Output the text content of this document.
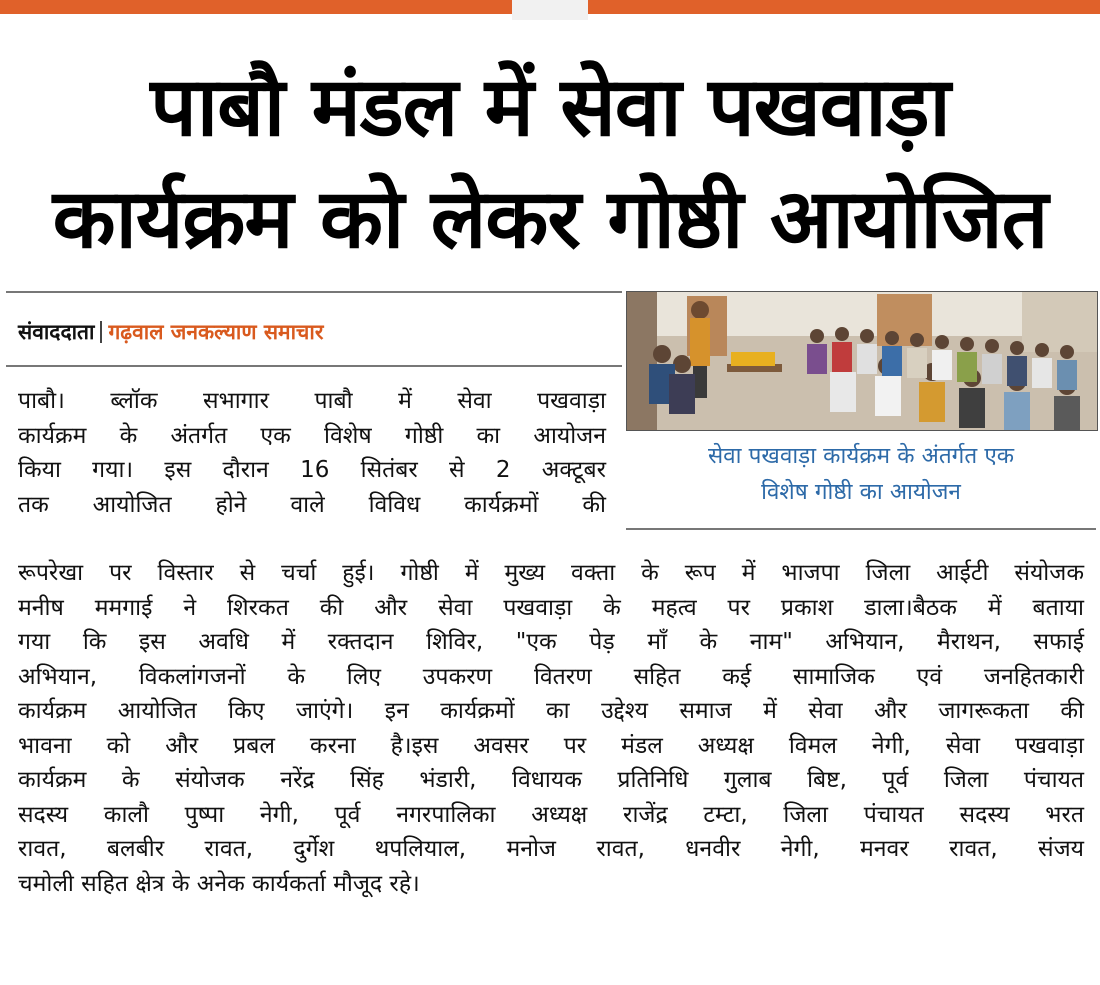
पाबौ मंडल में सेवा पखवाड़ा
कार्यक्रम को लेकर गोष्ठी आयोजित
संवाददाता गढ़वाल जनकल्याण समाचार
सेवा पखवाड़ा कार्यक्रम के अंतर्गत एक
विशेष गोष्ठी का आयोजन
पाबौ। ब्लॉक सभागार पाबौ में सेवा पखवाड़ा
कार्यक्रम के अंतर्गत एक विशेष गोष्ठी का आयोजन
किया गया। इस दौरान 16 सितंबर से 2 अक्टूबर
तक आयोजित होने वाले विविध कार्यक्रमों की
रूपरेखा पर विस्तार से चर्चा हुई। गोष्ठी में मुख्य वक्ता के रूप में भाजपा जिला आईटी संयोजक
मनीष ममगाई ने शिरकत की और सेवा पखवाड़ा के महत्व पर प्रकाश डाला।बैठक में बताया
गया कि इस अवधि में रक्तदान शिविर, "एक पेड़ माँ के नाम" अभियान, मैराथन, सफाई
अभियान, विकलांगजनों के लिए उपकरण वितरण सहित कई सामाजिक एवं जनहितकारी
कार्यक्रम आयोजित किए जाएंगे। इन कार्यक्रमों का उद्देश्य समाज में सेवा और जागरूकता की
भावना को और प्रबल करना है।इस अवसर पर मंडल अध्यक्ष विमल नेगी, सेवा पखवाड़ा
कार्यक्रम के संयोजक नरेंद्र सिंह भंडारी, विधायक प्रतिनिधि गुलाब बिष्ट, पूर्व जिला पंचायत
सदस्य कालौ पुष्पा नेगी, पूर्व नगरपालिका अध्यक्ष राजेंद्र टम्टा, जिला पंचायत सदस्य भरत
रावत, बलबीर रावत, दुर्गेश थपलियाल, मनोज रावत, धनवीर नेगी, मनवर रावत, संजय
चमोली सहित क्षेत्र के अनेक कार्यकर्ता मौजूद रहे।
